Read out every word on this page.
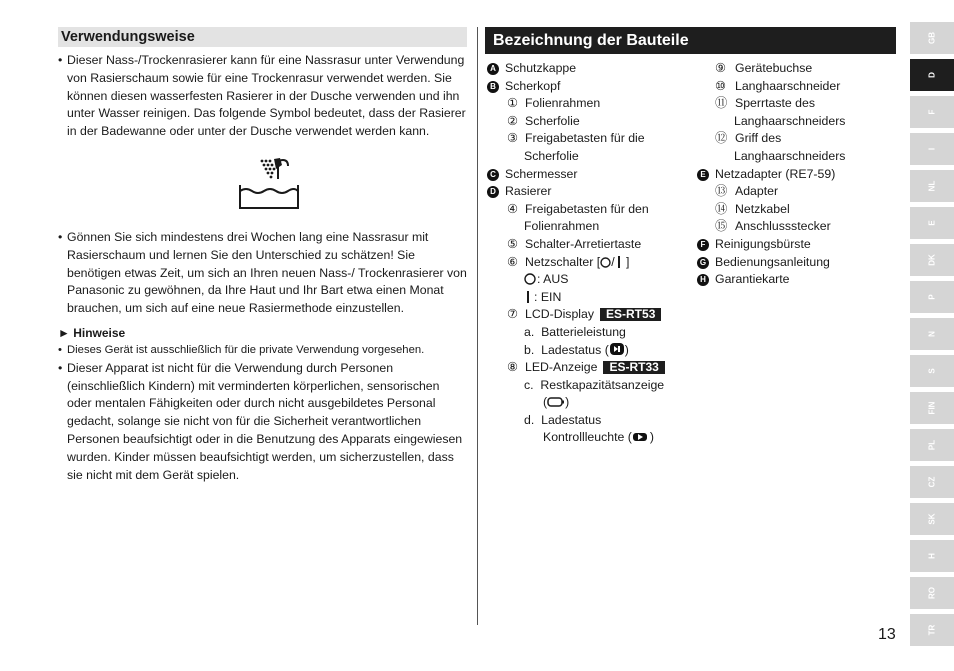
Verwendungsweise

• Dieser Nass-/Trockenrasierer kann für eine Nassrasur unter Verwendung von Rasierschaum sowie für eine Trockenrasur verwendet werden. Sie können diesen wasserfesten Rasierer in der Dusche verwenden und ihn unter Wasser reinigen. Das folgende Symbol bedeutet, dass der Rasierer in der Badewanne oder unter der Dusche verwendet werden kann.

• Gönnen Sie sich mindestens drei Wochen lang eine Nassrasur mit Rasierschaum und lernen Sie den Unterschied zu schätzen! Sie benötigen etwas Zeit, um sich an Ihren neuen Nass-/ Trockenrasierer von Panasonic zu gewöhnen, da Ihre Haut und Ihr Bart etwa einen Monat brauchen, um sich auf eine neue Rasiermethode einzustellen.

► Hinweise

• Dieses Gerät ist ausschließlich für die private Verwendung vorgesehen.

• Dieser Apparat ist nicht für die Verwendung durch Personen (einschließlich Kindern) mit verminderten körperlichen, sensorischen oder mentalen Fähigkeiten oder durch nicht ausgebildetes Personal gedacht, solange sie nicht von für die Sicherheit verantwortlichen Personen beaufsichtigt oder in die Benutzung des Apparats eingewiesen wurden. Kinder müssen beaufsichtigt werden, um sicherzustellen, dass sie nicht mit dem Gerät spielen.

Bezeichnung der Bauteile
A Schutzkappe
B Scherkopf
① Folienrahmen
② Scherfolie
③ Freigabetasten für die
Scherfolie
C Schermesser
D Rasierer
④ Freigabetasten für den
Folienrahmen
⑤ Schalter-Arretiertaste
⑥ Netzschalter [ / ]
: AUS
: EIN
⑦ LCD-Display ES-RT53
a. Batterieleistung
b. Ladestatus ( )
⑧ LED-Anzeige ES-RT33
c. Restkapazitätsanzeige
( )
d. Ladestatus
Kontrollleuchte ( )
⑨ Gerätebuchse
⑩ Langhaarschneider
⑪ Sperrtaste des
Langhaarschneiders
⑫ Griff des
Langhaarschneiders
E Netzadapter (RE7-59)
⑬ Adapter
⑭ Netzkabel
⑮ Anschlussstecker
F Reinigungsbürste
G Bedienungsanleitung
H Garantiekarte
13
GB
D
F
I
NL
E
DK
P
N
S
FIN
PL
CZ
SK
H
RO
TR
